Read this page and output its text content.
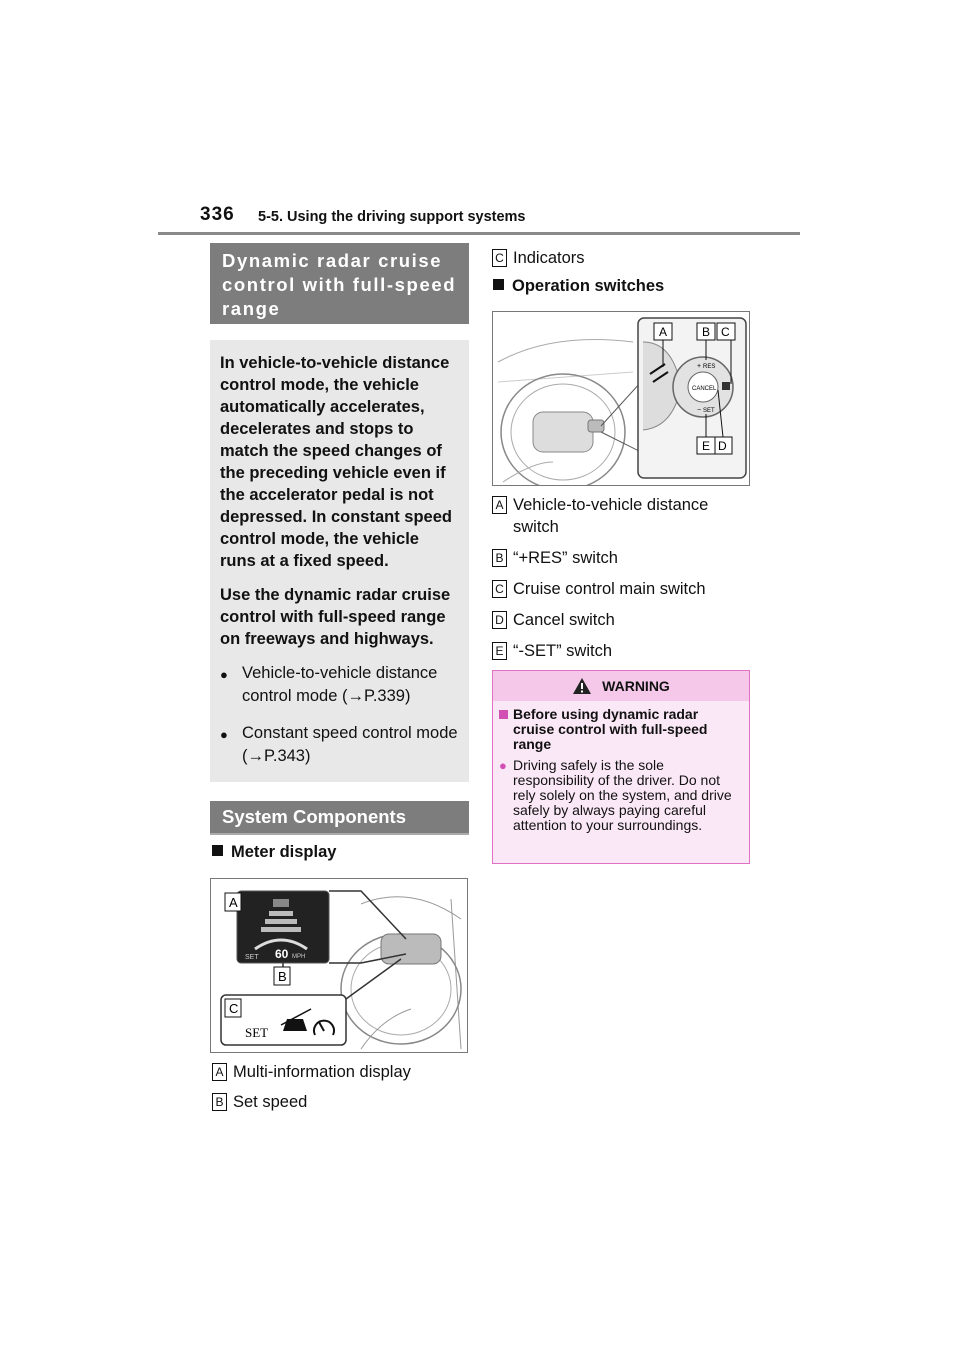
336 5-5. Using the driving support systems
Dynamic radar cruise control with full-speed range

In vehicle-to-vehicle distance control mode, the vehicle automatically accelerates, decelerates and stops to match the speed changes of the preceding vehicle even if the accelerator pedal is not depressed. In constant speed control mode, the vehicle runs at a fixed speed.

Use the dynamic radar cruise control with full-speed range on freeways and highways.

● Vehicle-to-vehicle distance control mode (→P.339)
● Constant speed control mode (→P.343)
System Components
Meter display
SET 60 MPH
SET
A
B
C
A Multi-information display
B Set speed
C Indicators
Operation switches
CANCEL
+ RES
− SET
A	B C
D
E
A Vehicle-to-vehicle distance switch
B “+RES” switch
C Cruise control main switch
D Cancel switch
E “-SET” switch
WARNING
Before using dynamic radar cruise control with full-speed range
● Driving safely is the sole responsibility of the driver. Do not rely solely on the system, and drive safely by always paying careful attention to your surroundings.
